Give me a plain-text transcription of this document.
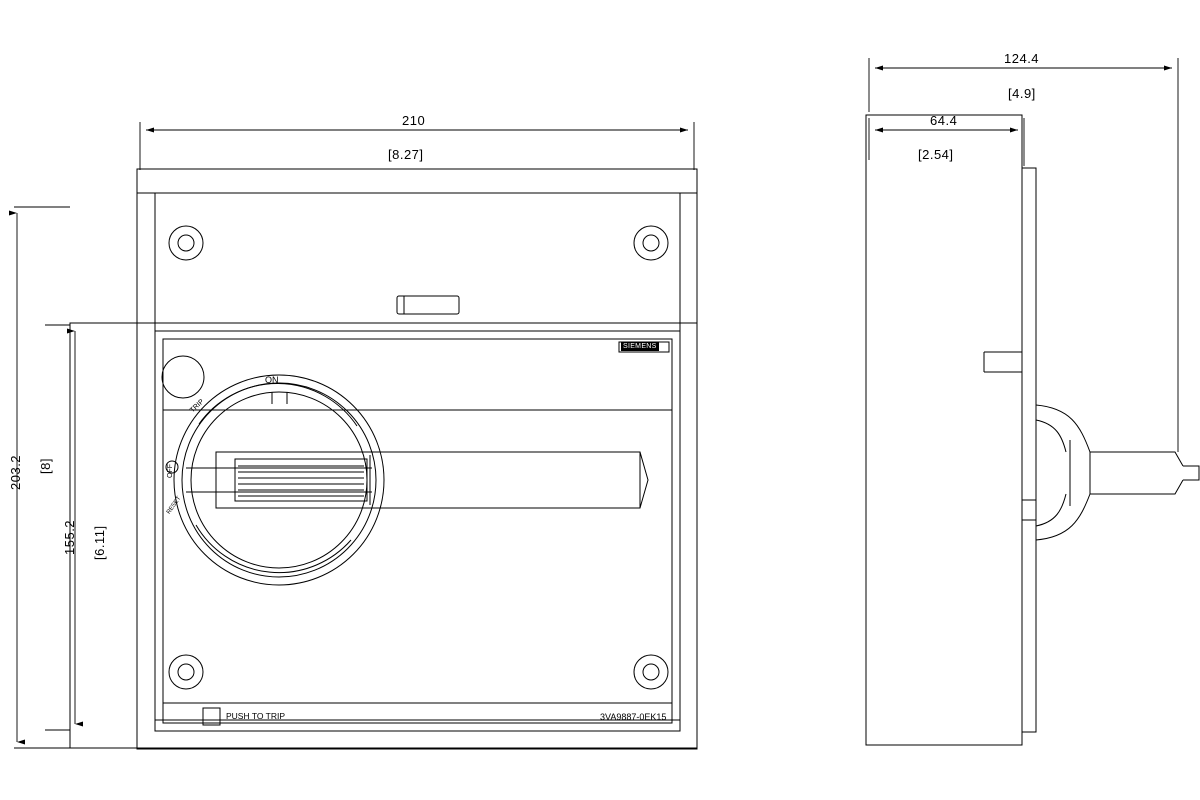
210
[8.27]
203.2 [8]
155.2 [6.11]
124.4
[4.9]
64.4
[2.54]
ON
TRIP
OFF
RESET
PUSH TO TRIP	3VA9887-0EK15
SIEMENS
